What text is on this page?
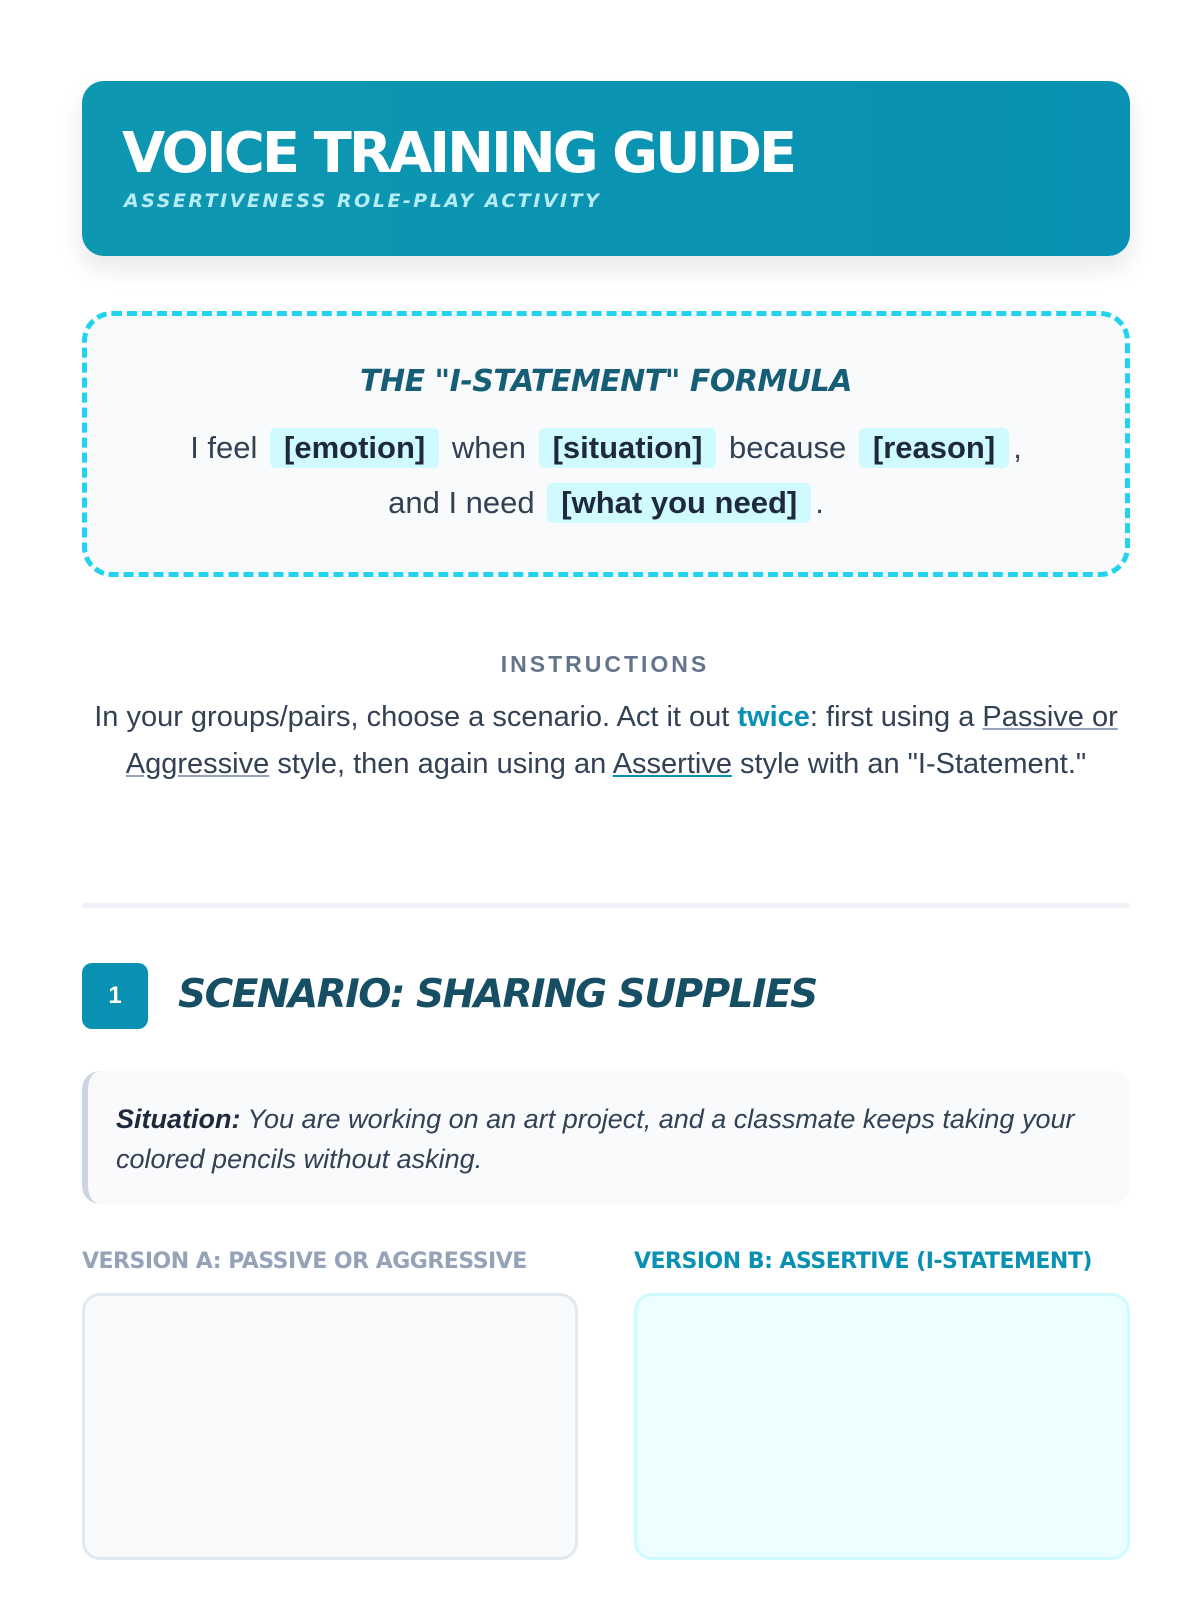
VOICE TRAINING GUIDE
ASSERTIVENESS ROLE-PLAY ACTIVITY
THE "I-STATEMENT" FORMULA
I feel [emotion] when [situation] because [reason] ,
and I need [what you need] .
INSTRUCTIONS
In your groups/pairs, choose a scenario. Act it out twice: first using a Passive or Aggressive style, then again using an Assertive style with an "I-Statement."
1	SCENARIO: SHARING SUPPLIES
Situation: You are working on an art project, and a classmate keeps taking your colored pencils without asking.
VERSION A: PASSIVE OR AGGRESSIVE	VERSION B: ASSERTIVE (I-STATEMENT)
